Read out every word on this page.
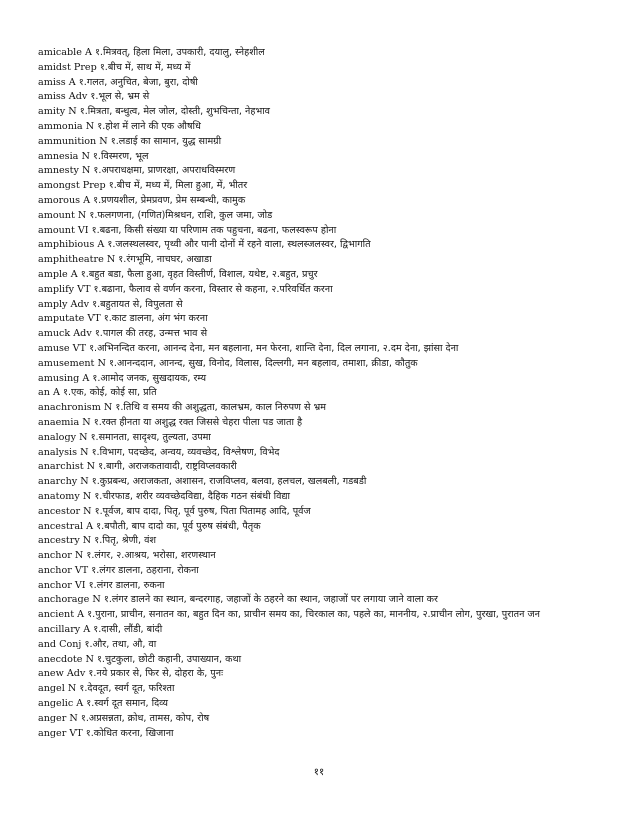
amicable A १.मित्रवत्, हिला मिला, उपकारी, दयालु, स्नेहशील
amidst Prep १.बीच में, साथ में, मध्य में
amiss A १.गलत, अनुचित, बेजा, बुरा, दोषी
amiss Adv १.भूल से, भ्रम से
amity N १.मित्रता, बन्धुत्व, मेल जोल, दोस्ती, शुभचिन्ता, नेहभाव
ammonia N १.होश में लाने की एक औषधि
ammunition N १.लडाई का सामान, युद्ध सामग्री
amnesia N १.विस्मरण, भूल
amnesty N १.अपराधक्षमा, प्राणरक्षा, अपराधविस्मरण
amongst Prep १.बीच में, मध्य में, मिला हुआ, में, भीतर
amorous A १.प्रणयशील, प्रेमप्रवण, प्रेम सम्बन्धी, कामुक
amount N १.फलगणना, (गणित)मिश्रधन, राशि, कुल जमा, जोड
amount VI १.बढना, किसी संख्या या परिणाम तक पहुचना, बढना, फलस्वरूप होना
amphibious A १.जलस्थलस्वर, पृथ्वी और पानी दोनों में रहने वाला, स्थलस्जलस्वर, द्विभागति
amphitheatre N १.रंगभूमि, नाचघर, अखाडा
ample A १.बहुत बडा, फैला हुआ, वृहत विस्तीर्ण, विशाल, यथेष्ट, २.बहुत, प्रचुर
amplify VT १.बढाना, फैलाव से वर्णन करना, विस्तार से कहना, २.परिवर्धित करना
amply Adv १.बहुतायत से, विपुलता से
amputate VT १.काट डालना, अंग भंग करना
amuck Adv १.पागल की तरह, उन्मत्त भाव से
amuse VT १.अभिनन्दित करना, आनन्द देना, मन बहलाना, मन फेरना, शान्ति देना, दिल लगाना, २.दम देना, झांसा देना
amusement N १.आनन्ददान, आनन्द, सुख, विनोद, विलास, दिल्लगी, मन बहलाव, तमाशा, क्रीडा, कौतुक
amusing A १.आमोद जनक, सुखदायक, रम्य
an A १.एक, कोई, कोई सा, प्रति
anachronism N १.तिथि व समय की अशुद्धता, कालभ्रम, काल निरुपण से भ्रम
anaemia N १.रक्त हीनता या अशुद्ध रक्त जिससे चेहरा पीला पड जाता है
analogy N १.समानता, सादृश्य, तुल्यता, उपमा
analysis N १.विभाग, पदच्छेद, अन्वय, व्यवच्छेद, विश्लेषण, विभेद
anarchist N १.बागी, अराजकतावादी, राष्ट्रविप्लवकारी
anarchy N १.कुप्रबन्ध, अराजकता, अशासन, राजविप्लव, बलवा, हलचल, खलबली, गडबडी
anatomy N १.चीरफाड, शरीर व्यवच्छेदविद्या, दैहिक गठन संबंधी विद्या
ancestor N १.पूर्वज, बाप दादा, पितृ, पूर्व पुरुष, पिता पितामह आदि, पूर्वज
ancestral A १.बपौती, बाप दादो का, पूर्व पुरुष संबंधी, पैतृक
ancestry N १.पितृ, श्रेणी, वंश
anchor N १.लंगर, २.आश्रय, भरोसा, शरणस्थान
anchor VT १.लंगर डालना, ठहराना, रोकना
anchor VI १.लंगर डालना, रुकना
anchorage N १.लंगर डालने का स्थान, बन्दरगाह, जहाजों के ठहरने का स्थान, जहाजों पर लगाया जाने वाला कर
ancient A १.पुराना, प्राचीन, सनातन का, बहुत दिन का, प्राचीन समय का, चिरकाल का, पहले का, माननीय, २.प्राचीन लोग, पुरखा, पुरातन जन
ancillary A १.दासी, लौंडी, बांदी
and Conj १.और, तथा, औ, वा
anecdote N १.चुटकुला, छोटी कहानी, उपाख्यान, कथा
anew Adv १.नये प्रकार से, फिर से, दोहरा के, पुनः
angel N १.देवदूत, स्वर्ग दूत, फरिश्ता
angelic A १.स्वर्ग दूत समान, दिव्य
anger N १.अप्रसन्नता, क्रोध, तामस, कोप, रोष
anger VT १.कोधित करना, खिजाना
११
